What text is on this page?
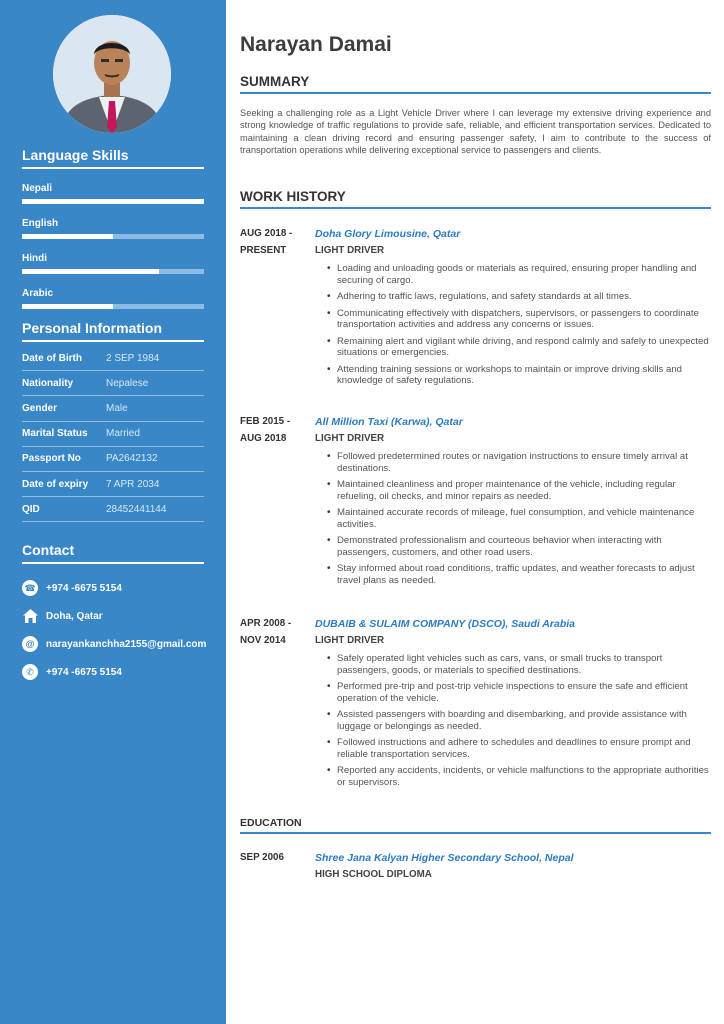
Language Skills
Nepali
English
Hindi
Arabic
Personal Information
Date of Birth	2 SEP 1984
Nationality	Nepalese
Gender	Male
Marital Status	Married
Passport No	PA2642132
Date of expiry	7 APR 2034
QID	28452441144
Contact
☎ +974 -6675 5154
Doha, Qatar
@	narayankanchha2155@gmail.com
✆	+974 -6675 5154
Narayan Damai
SUMMARY
Seeking a challenging role as a Light Vehicle Driver where I can leverage my extensive driving experience and strong knowledge of traffic regulations to provide safe, reliable, and efficient transportation services. Dedicated to maintaining a clean driving record and ensuring passenger safety, I aim to contribute to the success of transportation operations while delivering exceptional service to passengers and clients.
WORK HISTORY
AUG 2018 -
PRESENT
Doha Glory Limousine, Qatar
LIGHT DRIVER
• Loading and unloading goods or materials as required, ensuring proper handling and securing of cargo.
• Adhering to traffic laws, regulations, and safety standards at all times.
• Communicating effectively with dispatchers, supervisors, or passengers to coordinate transportation activities and address any concerns or issues.
• Remaining alert and vigilant while driving, and respond calmly and safely to unexpected situations or emergencies.
• Attending training sessions or workshops to maintain or improve driving skills and knowledge of safety regulations.
FEB 2015 -
AUG 2018
All Million Taxi (Karwa), Qatar
LIGHT DRIVER
• Followed predetermined routes or navigation instructions to ensure timely arrival at destinations.
• Maintained cleanliness and proper maintenance of the vehicle, including regular refueling, oil checks, and minor repairs as needed.
• Maintained accurate records of mileage, fuel consumption, and vehicle maintenance activities.
• Demonstrated professionalism and courteous behavior when interacting with passengers, customers, and other road users.
• Stay informed about road conditions, traffic updates, and weather forecasts to adjust travel plans as needed.
APR 2008 -
NOV 2014
DUBAIB & SULAIM COMPANY (DSCO), Saudi Arabia
LIGHT DRIVER
• Safely operated light vehicles such as cars, vans, or small trucks to transport passengers, goods, or materials to specified destinations.
• Performed pre-trip and post-trip vehicle inspections to ensure the safe and efficient operation of the vehicle.
• Assisted passengers with boarding and disembarking, and provide assistance with luggage or belongings as needed.
• Followed instructions and adhere to schedules and deadlines to ensure prompt and reliable transportation services.
• Reported any accidents, incidents, or vehicle malfunctions to the appropriate authorities or supervisors.
EDUCATION
SEP 2006	Shree Jana Kalyan Higher Secondary School, Nepal
HIGH SCHOOL DIPLOMA
